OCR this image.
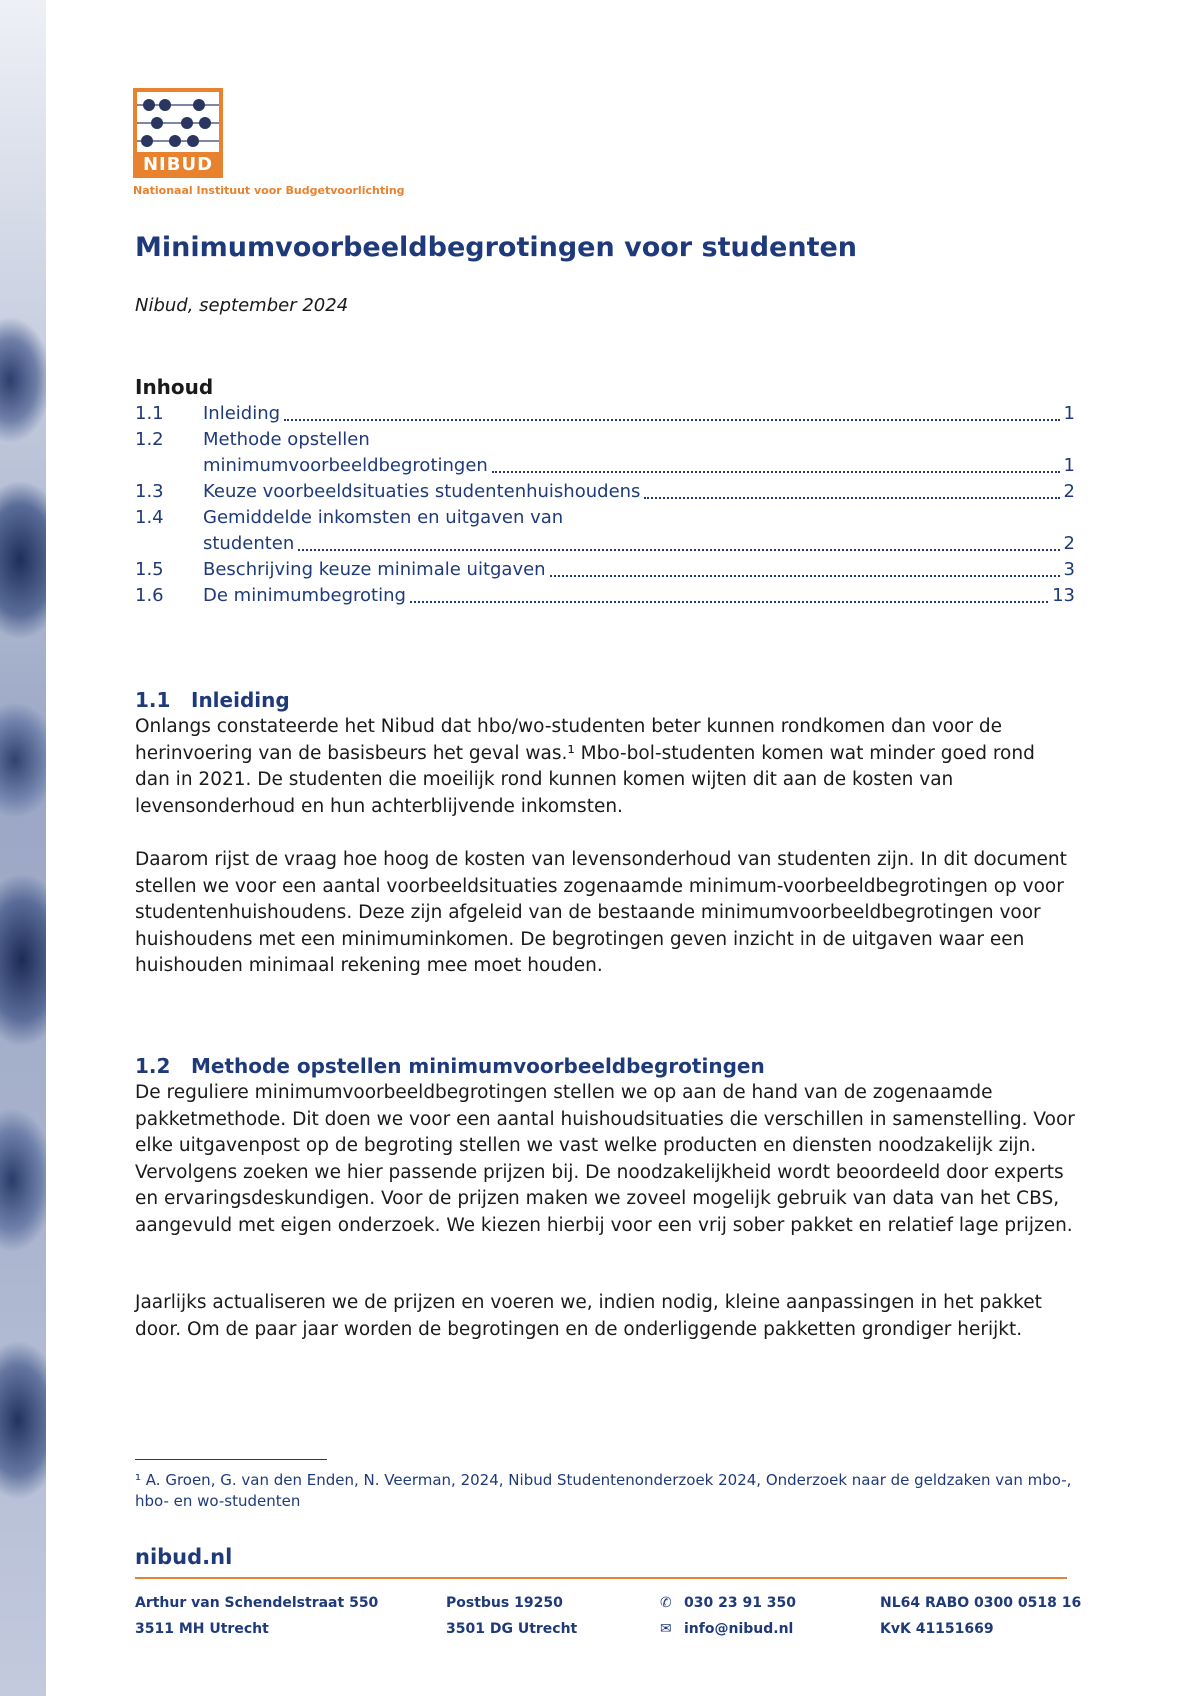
NIBUD
Nationaal Instituut voor Budgetvoorlichting
Minimumvoorbeeldbegrotingen voor studenten

Nibud, september 2024

Inhoud
1.1	Inleiding	1
1.2	Methode opstellen
minimumvoorbeeldbegrotingen	1
1.3	Keuze voorbeeldsituaties studentenhuishoudens	2
1.4	Gemiddelde inkomsten en uitgaven van
studenten	2
1.5	Beschrijving keuze minimale uitgaven	3
1.6	De minimumbegroting	13
1.1 Inleiding

Onlangs constateerde het Nibud dat hbo/wo-studenten beter kunnen rondkomen dan voor de herinvoering van de basisbeurs het geval was.¹ Mbo-bol-studenten komen wat minder goed rond dan in 2021. De studenten die moeilijk rond kunnen komen wijten dit aan de kosten van levensonderhoud en hun achterblijvende inkomsten.

Daarom rijst de vraag hoe hoog de kosten van levensonderhoud van studenten zijn. In dit document stellen we voor een aantal voorbeeldsituaties zogenaamde minimum-voorbeeldbegrotingen op voor studentenhuishoudens. Deze zijn afgeleid van de bestaande minimumvoorbeeldbegrotingen voor huishoudens met een minimuminkomen. De begrotingen geven inzicht in de uitgaven waar een huishouden minimaal rekening mee moet houden.

1.2 Methode opstellen minimumvoorbeeldbegrotingen

De reguliere minimumvoorbeeldbegrotingen stellen we op aan de hand van de zogenaamde pakketmethode. Dit doen we voor een aantal huishoudsituaties die verschillen in samenstelling. Voor elke uitgavenpost op de begroting stellen we vast welke producten en diensten noodzakelijk zijn. Vervolgens zoeken we hier passende prijzen bij. De noodzakelijkheid wordt beoordeeld door experts en ervaringsdeskundigen. Voor de prijzen maken we zoveel mogelijk gebruik van data van het CBS, aangevuld met eigen onderzoek. We kiezen hierbij voor een vrij sober pakket en relatief lage prijzen.

Jaarlijks actualiseren we de prijzen en voeren we, indien nodig, kleine aanpassingen in het pakket door. Om de paar jaar worden de begrotingen en de onderliggende pakketten grondiger herijkt.

¹ A. Groen, G. van den Enden, N. Veerman, 2024, Nibud Studentenonderzoek 2024, Onderzoek naar de geldzaken van mbo-, hbo- en wo-studenten

nibud.nl
Arthur van Schendelstraat 550
3511 MH Utrecht
Postbus 19250
3501 DG Utrecht
✆ 030 23 91 350
✉ info@nibud.nl
NL64 RABO 0300 0518 16
KvK 41151669
